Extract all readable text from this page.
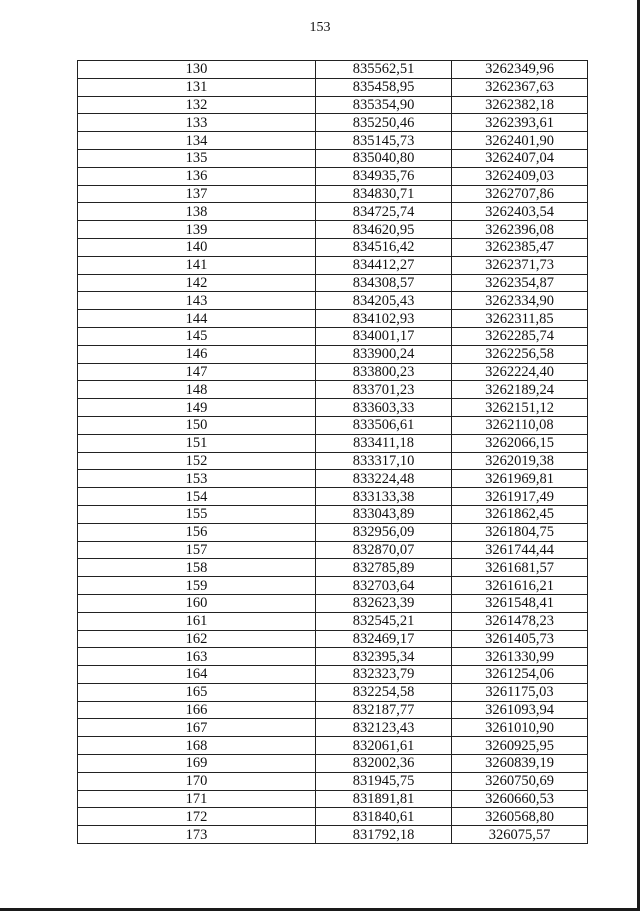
153
130	835562,51	3262349,96
131	835458,95	3262367,63
132	835354,90	3262382,18
133	835250,46	3262393,61
134	835145,73	3262401,90
135	835040,80	3262407,04
136	834935,76	3262409,03
137	834830,71	3262707,86
138	834725,74	3262403,54
139	834620,95	3262396,08
140	834516,42	3262385,47
141	834412,27	3262371,73
142	834308,57	3262354,87
143	834205,43	3262334,90
144	834102,93	3262311,85
145	834001,17	3262285,74
146	833900,24	3262256,58
147	833800,23	3262224,40
148	833701,23	3262189,24
149	833603,33	3262151,12
150	833506,61	3262110,08
151	833411,18	3262066,15
152	833317,10	3262019,38
153	833224,48	3261969,81
154	833133,38	3261917,49
155	833043,89	3261862,45
156	832956,09	3261804,75
157	832870,07	3261744,44
158	832785,89	3261681,57
159	832703,64	3261616,21
160	832623,39	3261548,41
161	832545,21	3261478,23
162	832469,17	3261405,73
163	832395,34	3261330,99
164	832323,79	3261254,06
165	832254,58	3261175,03
166	832187,77	3261093,94
167	832123,43	3261010,90
168	832061,61	3260925,95
169	832002,36	3260839,19
170	831945,75	3260750,69
171	831891,81	3260660,53
172	831840,61	3260568,80
173	831792,18	326075,57
